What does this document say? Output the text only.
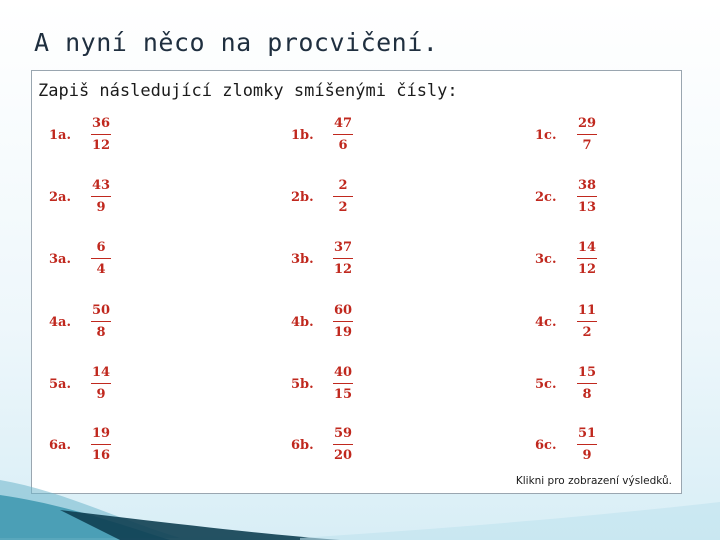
A nyní něco na procvičení.
Zapiš následující zlomky smíšenými čísly:
1a.	$\frac{36}{12}$	1b. $\frac{47}{6}$	1c.	$\frac{29}{7}$
2a.	$\frac{43}{9}$	2b. $\frac{2}{2}$	2c.	$\frac{38}{13}$
3a.	$\frac{6}{4}$	3b. $\frac{37}{12}$	3c.	$\frac{14}{12}$
4a.	$\frac{50}{8}$	4b. $\frac{60}{19}$	4c.	$\frac{11}{2}$
5a.	$\frac{14}{9}$	5b. $\frac{40}{15}$	5c.	$\frac{15}{8}$
6a.	$\frac{19}{16}$	6b. $\frac{59}{20}$	6c.	$\frac{51}{9}$
Klikni pro zobrazení výsledků.
